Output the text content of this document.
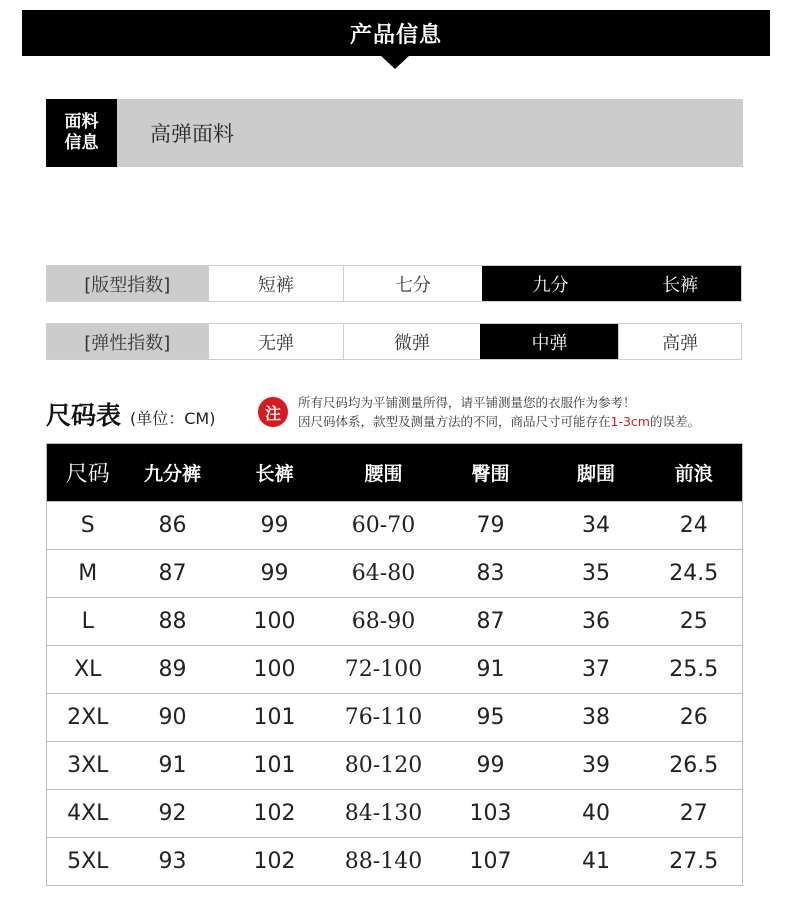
产品信息
面料
信息 高弹面料
[版型指数]	短裤	七分	九分	长裤
[弹性指数]	无弹	微弹	中弹	高弹
尺码表 (单位：CM)	注
所有尺码均为平铺测量所得，请平铺测量您的衣服作为参考！
因尺码体系，款型及测量方法的不同，商品尺寸可能存在1-3cm的误差。
尺码	九分裤	长裤	腰围	臀围	脚围	前浪
S	86	99	60-70	79	34	24
M	87	99	64-80	83	35	24.5
L	88	100	68-90	87	36	25
XL	89	100	72-100	91	37	25.5
2XL	90	101	76-110	95	38	26
3XL	91	101	80-120	99	39	26.5
4XL	92	102	84-130	103	40	27
5XL	93	102	88-140	107	41	27.5
